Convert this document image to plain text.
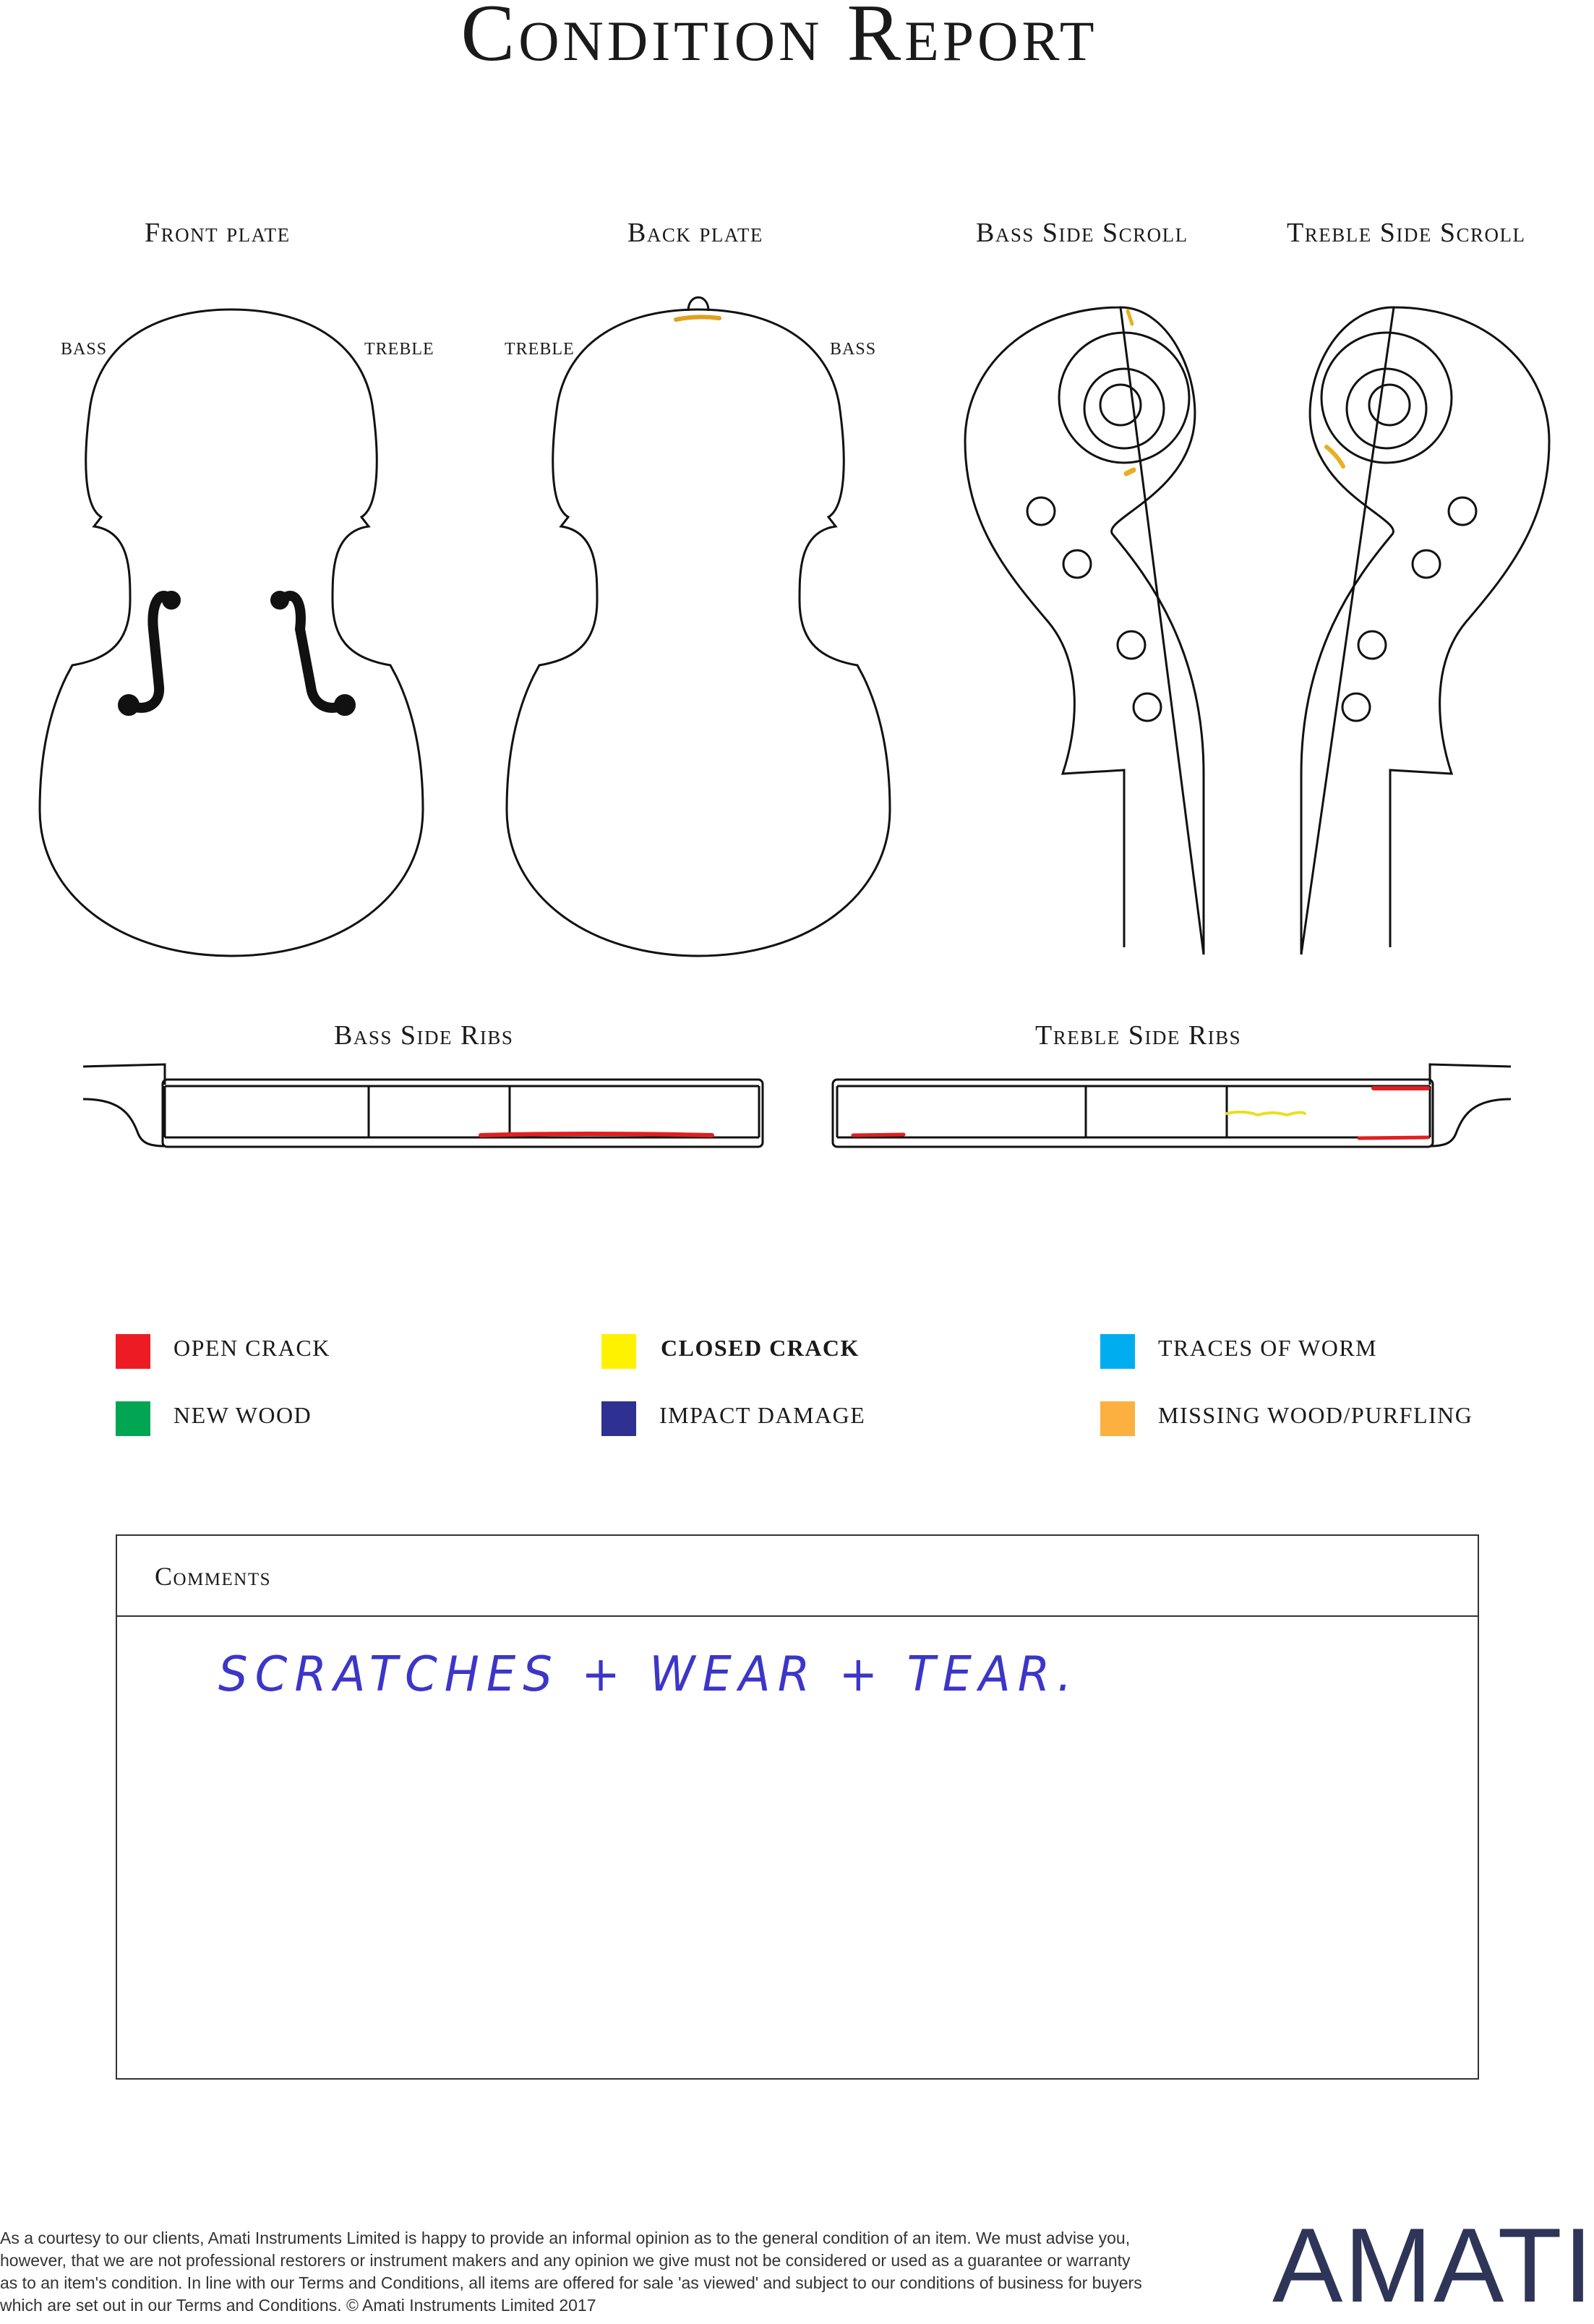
Condition Report
Front plate	Back plate	Bass Side Scroll	Treble Side Scroll
Bass Side Ribs	Treble Side Ribs
BASS	TREBLE	TREBLE	BASS
OPEN CRACK	CLOSED CRACK	TRACES OF WORM
NEW WOOD	IMPACT DAMAGE	MISSING WOOD/PURFLING
Comments
SCRATCHES + WEAR + TEAR.
As a courtesy to our clients, Amati Instruments Limited is happy to provide an informal opinion as to the general condition of an item. We must advise you, however, that we are not professional restorers or instrument makers and any opinion we give must not be considered or used as a guarantee or warranty as to an item's condition. In line with our Terms and Conditions, all items are offered for sale 'as viewed' and subject to our conditions of business for buyers which are set out in our Terms and Conditions. © Amati Instruments Limited 2017	AMATI
